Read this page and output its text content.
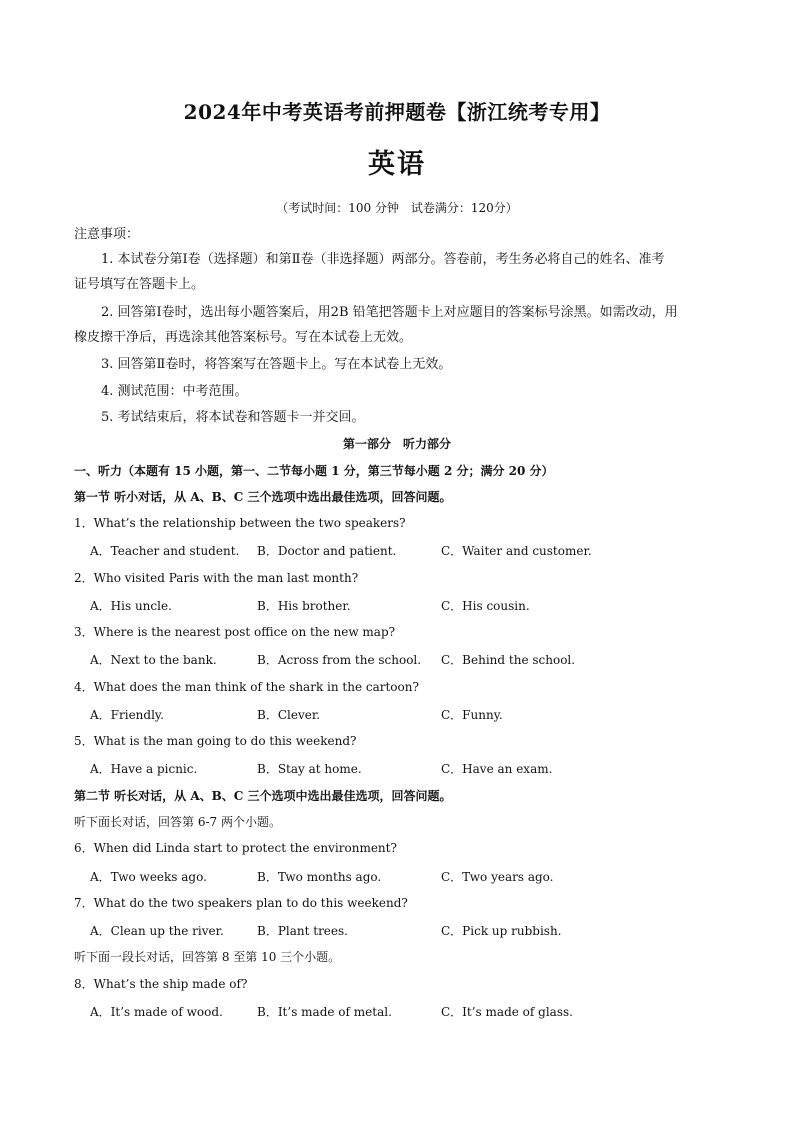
2024年中考英语考前押题卷【浙江统考专用】
英语
（考试时间：100 分钟　试卷满分：120分）
注意事项：
1. 本试卷分第Ⅰ卷（选择题）和第Ⅱ卷（非选择题）两部分。答卷前，考生务必将自己的姓名、准考
证号填写在答题卡上。
2. 回答第Ⅰ卷时，选出每小题答案后，用2B 铅笔把答题卡上对应题目的答案标号涂黑。如需改动，用
橡皮擦干净后，再选涂其他答案标号。写在本试卷上无效。
3. 回答第Ⅱ卷时，将答案写在答题卡上。写在本试卷上无效。
4. 测试范围：中考范围。
5. 考试结束后，将本试卷和答题卡一并交回。
第一部分　听力部分
一、听力（本题有 15 小题，第一、二节每小题 1 分，第三节每小题 2 分；满分 20 分）
第一节 听小对话，从 A、B、C 三个选项中选出最佳选项，回答问题。
1．What’s the relationship between the two speakers?
A．Teacher and student. B．Doctor and patient.	C．Waiter and customer.
2．Who visited Paris with the man last month?
A．His uncle.	B．His brother.	C．His cousin.
3．Where is the nearest post office on the new map?
A．Next to the bank.	B．Across from the school. C．Behind the school.
4．What does the man think of the shark in the cartoon?
A．Friendly.	B．Clever.	C．Funny.
5．What is the man going to do this weekend?
A．Have a picnic.	B．Stay at home.	C．Have an exam.
第二节 听长对话，从 A、B、C 三个选项中选出最佳选项，回答问题。
听下面长对话，回答第 6-7 两个小题。
6．When did Linda start to protect the environment?
A．Two weeks ago.	B．Two months ago.	C．Two years ago.
7．What do the two speakers plan to do this weekend?
A．Clean up the river.	B．Plant trees.	C．Pick up rubbish.
听下面一段长对话，回答第 8 至第 10 三个小题。
8．What’s the ship made of?
A．It’s made of wood.	B．It’s made of metal.	C．It’s made of glass.
